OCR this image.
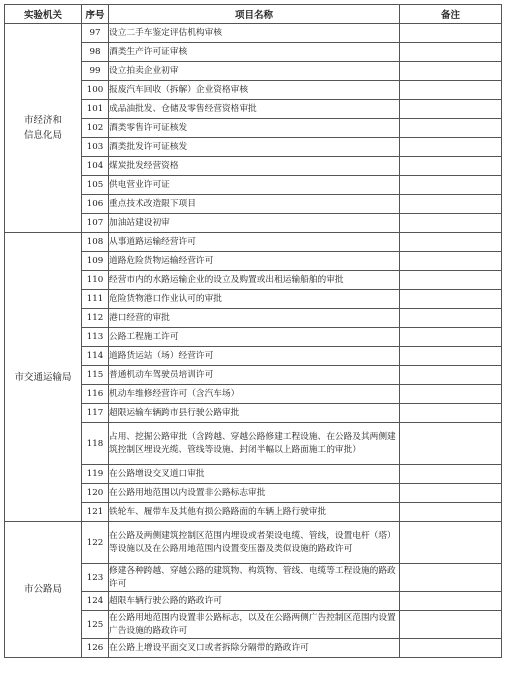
实验机关	序号	项目名称	备注

市经济和
信息化局	97	设立二手车鉴定评估机构审核	
	98	酒类生产许可证审核	
	99	设立拍卖企业初审	
	100	报废汽车回收（拆解）企业资格审核	
	101	成品油批发、仓储及零售经营资格审批	
	102	酒类零售许可证核发	
	103	酒类批发许可证核发	
	104	煤炭批发经营资格	
	105	供电营业许可证	
	106	重点技术改造限下项目	
	107	加油站建设初审	

市交通运输局	108	从事道路运输经营许可	
	109	道路危险货物运输经营许可	
	110	经营市内的水路运输企业的设立及购置或出租运输船舶的审批	
	111	危险货物港口作业认可的审批	
	112	港口经营的审批	
	113	公路工程施工许可	
	114	道路货运站（场）经营许可	
	115	普通机动车驾驶员培训许可	
	116	机动车维修经营许可（含汽车场）	
	117	超限运输车辆跨市县行驶公路审批	
	118	占用、挖掘公路审批（含跨越、穿越公路修建工程设施、在公路及其两侧建筑控制区埋设光缆、管线等设施、封闭半幅以上路面施工的审批）	
	119	在公路增设交叉道口审批	
	120	在公路用地范围以内设置非公路标志审批	
	121	铁轮车、履带车及其他有损公路路面的车辆上路行驶审批	

市公路局	122	在公路及两侧建筑控制区范围内埋设或者架设电缆、管线，设置电杆（塔）等设施以及在公路用地范围内设置变压器及类似设施的路政许可	
	123	修建各种跨越、穿越公路的建筑物、构筑物、管线、电缆等工程设施的路政许可	
	124	超限车辆行驶公路的路政许可	
	125	在公路用地范围内设置非公路标志，以及在公路两侧广告控制区范围内设置广告设施的路政许可	
	126	在公路上增设平面交叉口或者拆除分隔带的路政许可	
